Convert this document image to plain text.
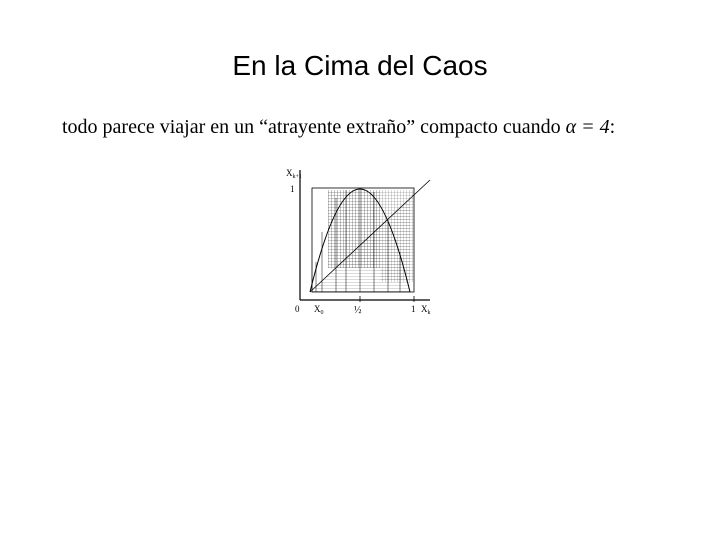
En la Cima del Caos
todo parece viajar en un “atrayente extraño” compacto cuando α = 4:
$X_{k+1}$
1
0 $X_0$	½	1 $X_k$
